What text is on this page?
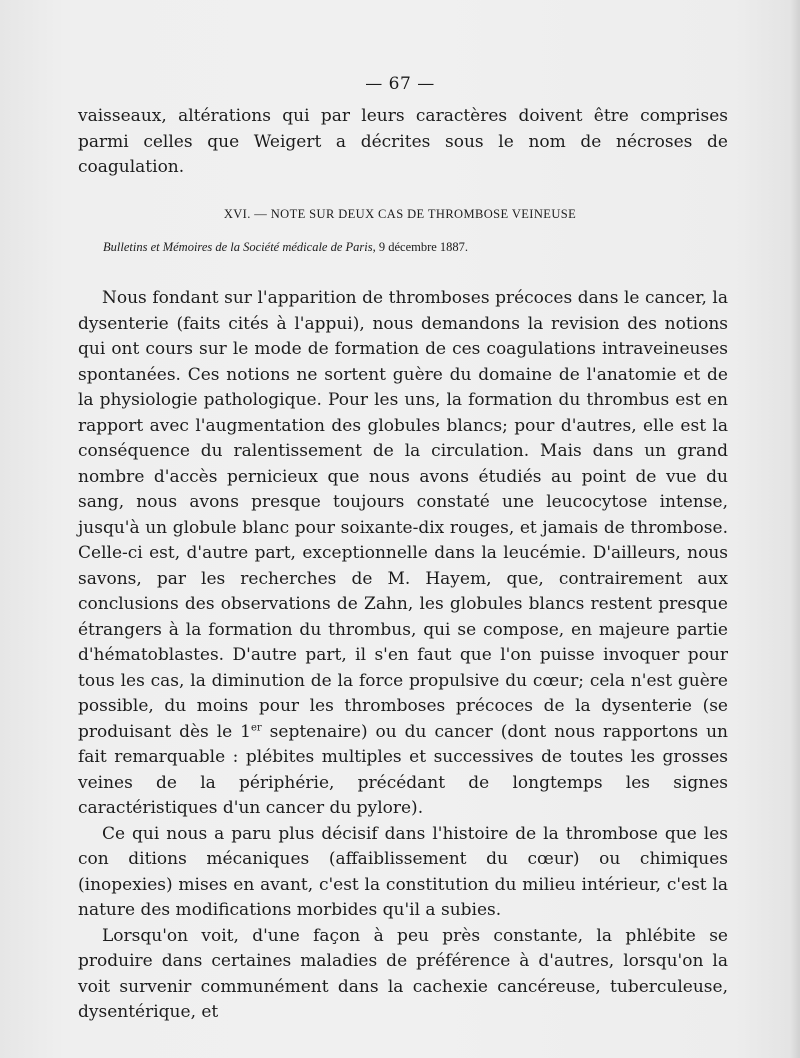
— 67 —

vaisseaux, altérations qui par leurs caractères doivent être comprises parmi celles que Weigert a décrites sous le nom de nécroses de coagulation.

XVI. — NOTE SUR DEUX CAS DE THROMBOSE VEINEUSE
Bulletins et Mémoires de la Société médicale de Paris, 9 décembre 1887.

Nous fondant sur l'apparition de thromboses précoces dans le cancer, la dysenterie (faits cités à l'appui), nous demandons la revision des notions qui ont cours sur le mode de formation de ces coagulations intraveineuses spontanées. Ces notions ne sortent guère du domaine de l'anatomie et de la physiologie pathologique. Pour les uns, la formation du thrombus est en rapport avec l'augmentation des globules blancs; pour d'autres, elle est la conséquence du ralentissement de la circulation. Mais dans un grand nombre d'accès pernicieux que nous avons étudiés au point de vue du sang, nous avons presque toujours constaté une leucocytose intense, jusqu'à un globule blanc pour soixante-dix rouges, et jamais de thrombose. Celle-ci est, d'autre part, exceptionnelle dans la leucémie. D'ailleurs, nous savons, par les recherches de M. Hayem, que, contrairement aux conclusions des observations de Zahn, les globules blancs restent presque étrangers à la formation du thrombus, qui se compose, en majeure partie d'hématoblastes. D'autre part, il s'en faut que l'on puisse invoquer pour tous les cas, la diminution de la force propulsive du cœur; cela n'est guère possible, du moins pour les thromboses précoces de la dysenterie (se produisant dès le 1er septenaire) ou du cancer (dont nous rapportons un fait remarquable : plébites multiples et successives de toutes les grosses veines de la périphérie, précédant de longtemps les signes caractéristiques d'un cancer du pylore).

Ce qui nous a paru plus décisif dans l'histoire de la thrombose que les con ditions mécaniques (affaiblissement du cœur) ou chimiques (inopexies) mises en avant, c'est la constitution du milieu intérieur, c'est la nature des modifications morbides qu'il a subies.

Lorsqu'on voit, d'une façon à peu près constante, la phlébite se produire dans certaines maladies de préférence à d'autres, lorsqu'on la voit survenir communément dans la cachexie cancéreuse, tuberculeuse, dysentérique, et
